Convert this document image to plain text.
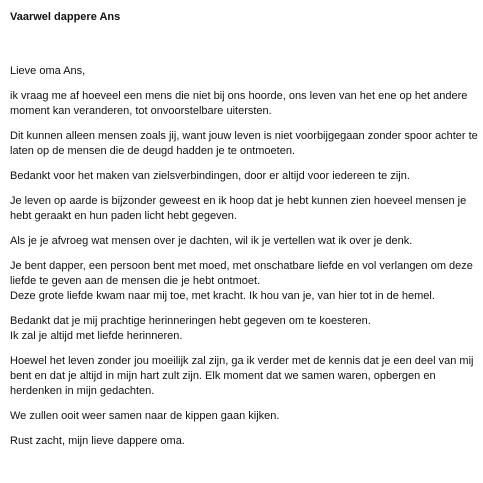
Vaarwel dappere Ans

Lieve oma Ans,

ik vraag me af hoeveel een mens die niet bij ons hoorde, ons leven van het ene op het andere
moment kan veranderen, tot onvoorstelbare uitersten.

Dit kunnen alleen mensen zoals jij, want jouw leven is niet voorbijgegaan zonder spoor achter te
laten op de mensen die de deugd hadden je te ontmoeten.

Bedankt voor het maken van zielsverbindingen, door er altijd voor iedereen te zijn.

Je leven op aarde is bijzonder geweest en ik hoop dat je hebt kunnen zien hoeveel mensen je
hebt geraakt en hun paden licht hebt gegeven.

Als je je afvroeg wat mensen over je dachten, wil ik je vertellen wat ik over je denk.

Je bent dapper, een persoon bent met moed, met onschatbare liefde en vol verlangen om deze
liefde te geven aan de mensen die je hebt ontmoet.
Deze grote liefde kwam naar mij toe, met kracht. Ik hou van je, van hier tot in de hemel.

Bedankt dat je mij prachtige herinneringen hebt gegeven om te koesteren.
Ik zal je altijd met liefde herinneren.

Hoewel het leven zonder jou moeilijk zal zijn, ga ik verder met de kennis dat je een deel van mij
bent en dat je altijd in mijn hart zult zijn. Elk moment dat we samen waren, opbergen en
herdenken in mijn gedachten.

We zullen ooit weer samen naar de kippen gaan kijken.

Rust zacht, mijn lieve dappere oma.
